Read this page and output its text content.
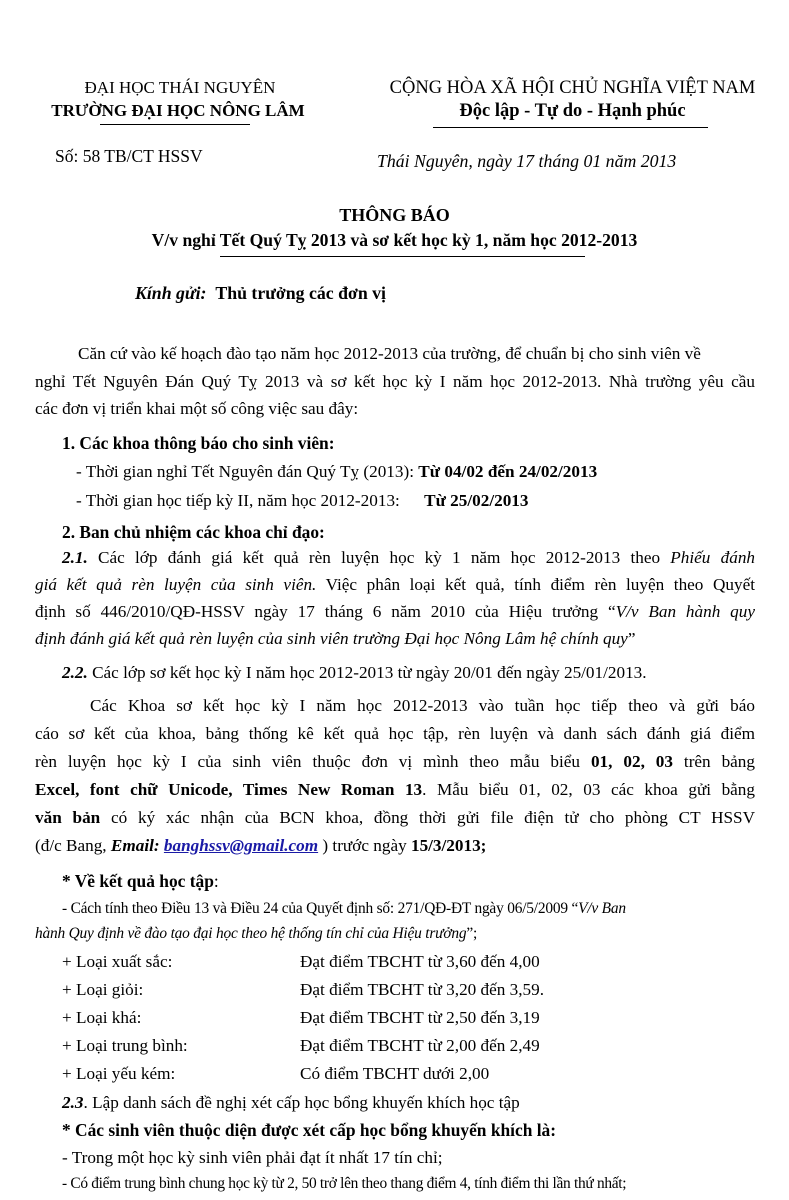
ĐẠI HỌC THÁI NGUYÊN
TRƯỜNG ĐẠI HỌC NÔNG LÂM
Số: 58 TB/CT HSSV
CỘNG HÒA XÃ HỘI CHỦ NGHĨA VIỆT NAM
Độc lập - Tự do - Hạnh phúc
Thái Nguyên, ngày 17 tháng 01 năm 2013
THÔNG BÁO
V/v nghỉ Tết Quý Tỵ 2013 và sơ kết học kỳ 1, năm học 2012-2013
Kính gửi: Thủ trưởng các đơn vị
Căn cứ vào kế hoạch đào tạo năm học 2012-2013 của trường, để chuẩn bị cho sinh viên về
nghỉ Tết Nguyên Đán Quý Tỵ 2013 và sơ kết học kỳ I năm học 2012-2013. Nhà trường yêu cầu
các đơn vị triển khai một số công việc sau đây:
1. Các khoa thông báo cho sinh viên:
- Thời gian nghỉ Tết Nguyên đán Quý Tỵ (2013): Từ 04/02 đến 24/02/2013
- Thời gian học tiếp kỳ II, năm học 2012-2013: Từ 25/02/2013
2. Ban chủ nhiệm các khoa chỉ đạo:
2.1. Các lớp đánh giá kết quả rèn luyện học kỳ 1 năm học 2012-2013 theo Phiếu đánh
giá kết quả rèn luyện của sinh viên. Việc phân loại kết quả, tính điểm rèn luyện theo Quyết
định số 446/2010/QĐ-HSSV ngày 17 tháng 6 năm 2010 của Hiệu trưởng “V/v Ban hành quy
định đánh giá kết quả rèn luyện của sinh viên trường Đại học Nông Lâm hệ chính quy”
2.2. Các lớp sơ kết học kỳ I năm học 2012-2013 từ ngày 20/01 đến ngày 25/01/2013.
Các Khoa sơ kết học kỳ I năm học 2012-2013 vào tuần học tiếp theo và gửi báo
cáo sơ kết của khoa, bảng thống kê kết quả học tập, rèn luyện và danh sách đánh giá điểm
rèn luyện học kỳ I của sinh viên thuộc đơn vị mình theo mẫu biểu 01, 02, 03 trên bảng
Excel, font chữ Unicode, Times New Roman 13. Mẫu biểu 01, 02, 03 các khoa gửi bằng
văn bản có ký xác nhận của BCN khoa, đồng thời gửi file điện tử cho phòng CT HSSV
(đ/c Bang, Email: banghssv@gmail.com ) trước ngày 15/3/2013;
* Về kết quả học tập:
- Cách tính theo Điều 13 và Điều 24 của Quyết định số: 271/QĐ-ĐT ngày 06/5/2009 “V/v Ban
hành Quy định về đào tạo đại học theo hệ thống tín chỉ của Hiệu trưởng”;
+ Loại xuất sắc:	Đạt điểm TBCHT từ 3,60 đến 4,00
+ Loại giỏi:	Đạt điểm TBCHT từ 3,20 đến 3,59.
+ Loại khá:	Đạt điểm TBCHT từ 2,50 đến 3,19
+ Loại trung bình:	Đạt điểm TBCHT từ 2,00 đến 2,49
+ Loại yếu kém:	Có điểm TBCHT dưới 2,00
2.3. Lập danh sách đề nghị xét cấp học bổng khuyến khích học tập
* Các sinh viên thuộc diện được xét cấp học bổng khuyến khích là:
- Trong một học kỳ sinh viên phải đạt ít nhất 17 tín chỉ;
- Có điểm trung bình chung học kỳ từ 2, 50 trở lên theo thang điểm 4, tính điểm thi lần thứ nhất;
